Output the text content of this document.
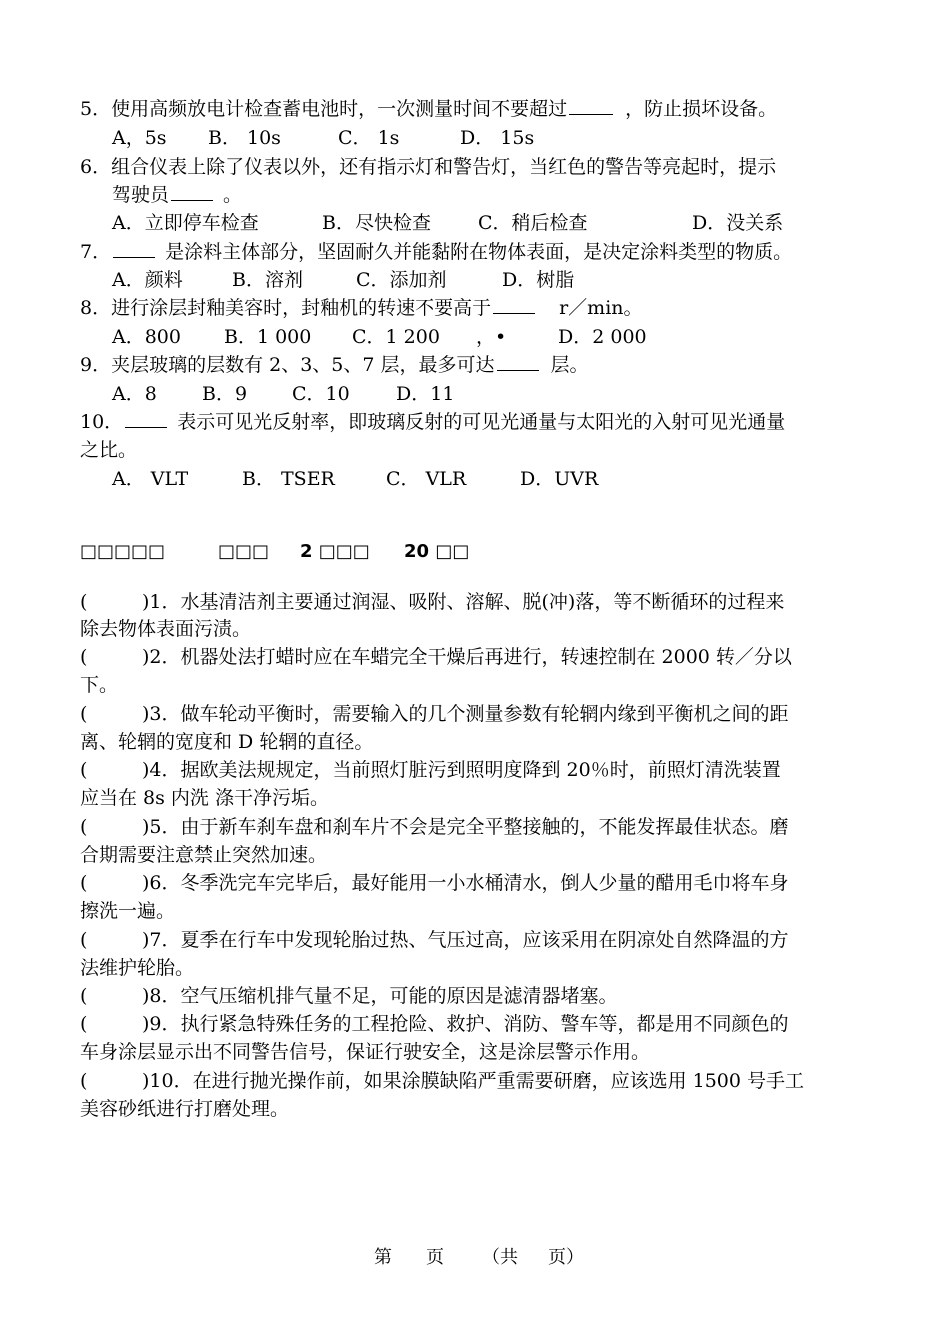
5．使用高频放电计检查蓄电池时，一次测量时间不要超过	，防止损坏设备。
A，5s B． 10s	C． 1s	D． 15s
6．组合仪表上除了仪表以外，还有指示灯和警告灯，当红色的警告等亮起时，提示
驾驶员	。
A．立即停车检查	B．尽快检查 C．稍后检查	D．没关系
7．	是涂料主体部分，坚固耐久并能黏附在物体表面，是决定涂料类型的物质。
A．颜料	B．溶剂	C．添加剂	D．树脂
8．进行涂层封釉美容时，封釉机的转速不要高于	r／min。
A．800 B．1 000 C．1 200 ，•	D．2 000
9．夹层玻璃的层数有 2、3、5、7 层，最多可达	层。
A．8 B．9 C．10 D．11
10．	表示可见光反射率，即玻璃反射的可见光通量与太阳光的入射可见光通量
之比。
A． VLT	B． TSER	C． VLR	D．UVR
□□□□□	□□□ 2 □□□ 20 □□
(	)1．水基清洁剂主要通过润湿、吸附、溶解、脱(冲)落，等不断循环的过程来
除去物体表面污渍。
(	)2．机器处法打蜡时应在车蜡完全干燥后再进行，转速控制在 2000 转／分以
下。
(	)3．做车轮动平衡时，需要输入的几个测量参数有轮辋内缘到平衡机之间的距
离、轮辋的宽度和 D 轮辋的直径。
(	)4．据欧美法规规定，当前照灯脏污到照明度降到 20％时，前照灯清洗装置
应当在 8s 内洗 涤干净污垢。
(	)5．由于新车刹车盘和刹车片不会是完全平整接触的，不能发挥最佳状态。磨
合期需要注意禁止突然加速。
(	)6．冬季洗完车完毕后，最好能用一小水桶清水，倒人少量的醋用毛巾将车身
擦洗一遍。
(	)7．夏季在行车中发现轮胎过热、气压过高，应该采用在阴凉处自然降温的方
法维护轮胎。
(	)8．空气压缩机排气量不足，可能的原因是滤清器堵塞。
(	)9．执行紧急特殊任务的工程抢险、救护、消防、警车等，都是用不同颜色的
车身涂层显示出不同警告信号，保证行驶安全，这是涂层警示作用。
(	)10．在进行抛光操作前，如果涂膜缺陷严重需要研磨，应该选用 1500 号手工
美容砂纸进行打磨处理。
第 页 （共 页）
